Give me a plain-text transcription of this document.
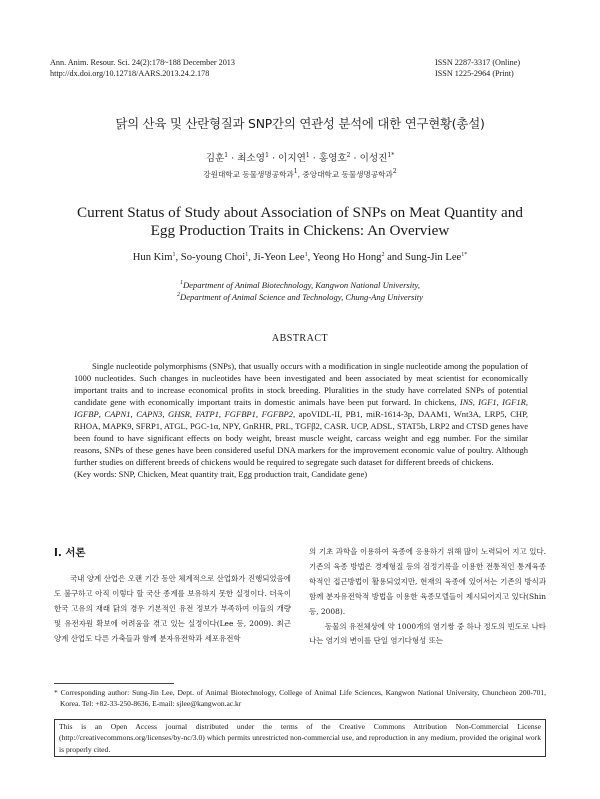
Ann. Anim. Resour. Sci. 24(2):178~188 December 2013
http://dx.doi.org/10.12718/AARS.2013.24.2.178
ISSN 2287-3317 (Online)
ISSN 1225-2964 (Print)
닭의 산육 및 산란형질과 SNP간의 연관성 분석에 대한 연구현황(총설)
김훈$^1$ · 최소영$^1$ · 이지연$^1$ · 홍영호$^2$ · 이성진$^{1*}$
강원대학교 동물생명공학과$^1$, 중앙대학교 동물생명공학과$^2$
Current Status of Study about Association of SNPs on Meat Quantity and
Egg Production Traits in Chickens: An Overview
Hun Kim$^1$, So-young Choi$^1$, Ji-Yeon Lee$^1$, Yeong Ho Hong$^2$ and Sung-Jin Lee$^{1*}$
$^1$Department of Animal Biotechnology, Kangwon National University,
$^2$Department of Animal Science and Technology, Chung-Ang University
ABSTRACT

Single nucleotide polymorphisms (SNPs), that usually occurs with a modification in single nucleotide among the population of 1000 nucleotides. Such changes in nucleotides have been investigated and been associated by meat scientist for economically important traits and to increase economical profits in stock breeding. Pluralities in the study have correlated SNPs of potential candidate gene with economically important traits in domestic animals have been put forward. In chickens, INS, IGF1, IGF1R, IGFBP, CAPN1, CAPN3, GHSR, FATP1, FGFBP1, FGFBP2, apoVIDL-II, PB1, miR-1614-3p, DAAM1, Wnt3A, LRP5, CHP, RHOA, MAPK9, SFRP1, ATGL, PGC-1α, NPY, GnRHR, PRL, TGFβ2, CASR. UCP, ADSL, STAT5b, LRP2 and CTSD genes have been found to have significant effects on body weight, breast muscle weight, carcass weight and egg number. For the similar reasons, SNPs of these genes have been considered useful DNA markers for the improvement economic value of poultry. Although further studies on different breeds of chickens would be required to segregate such dataset for different breeds of chickens.

(Key words: SNP, Chicken, Meat quantity trait, Egg production trait, Candidate gene)

Ⅰ. 서론
국내 양계 산업은 오랜 기간 동안 체계적으로 산업화가 진행되었음에도 불구하고 아직 이렇다 할 국산 종계를 보유하지 못한 실정이다. 더욱이 한국 고유의 재래 닭의 경우 기본적인 유전 정보가 부족하여 이들의 개량 및 유전자원 확보에 어려움을 겪고 있는 실정이다(Lee 등, 2009). 최근 양계 산업도 다른 가축들과 함께 분자유전학과 세포유전학

의 기초 과학을 이용하여 육종에 응용하기 위해 많이 노력되어 지고 있다. 기존의 육종 방법은 경제형질 등의 검정기록을 이용한 전통적인 통계육종학적인 접근방법이 활용되었지만, 현재의 육종에 있어서는 기존의 방식과 함께 분자유전학적 방법을 이용한 육종모델들이 제시되어지고 있다(Shin 등, 2008).

동물의 유전체상에 약 1000개의 염기쌍 중 하나 정도의 빈도로 나타나는 염기의 변이를 단일 염기다형성 또는

* Corresponding author: Sung-Jin Lee, Dept. of Animal Biotechnology, College of Animal Life Sciences, Kangwon National University, Chuncheon 200-701, Korea. Tel: +82-33-250-8636, E-mail: sjlee@kangwon.ac.kr
This is an Open Access journal distributed under the terms of the Creative Commons Attribution Non-Commercial License (http://creativecommons.org/licenses/by-nc/3.0) which permits unrestricted non-commercial use, and reproduction in any medium, provided the original work is properly cited.
